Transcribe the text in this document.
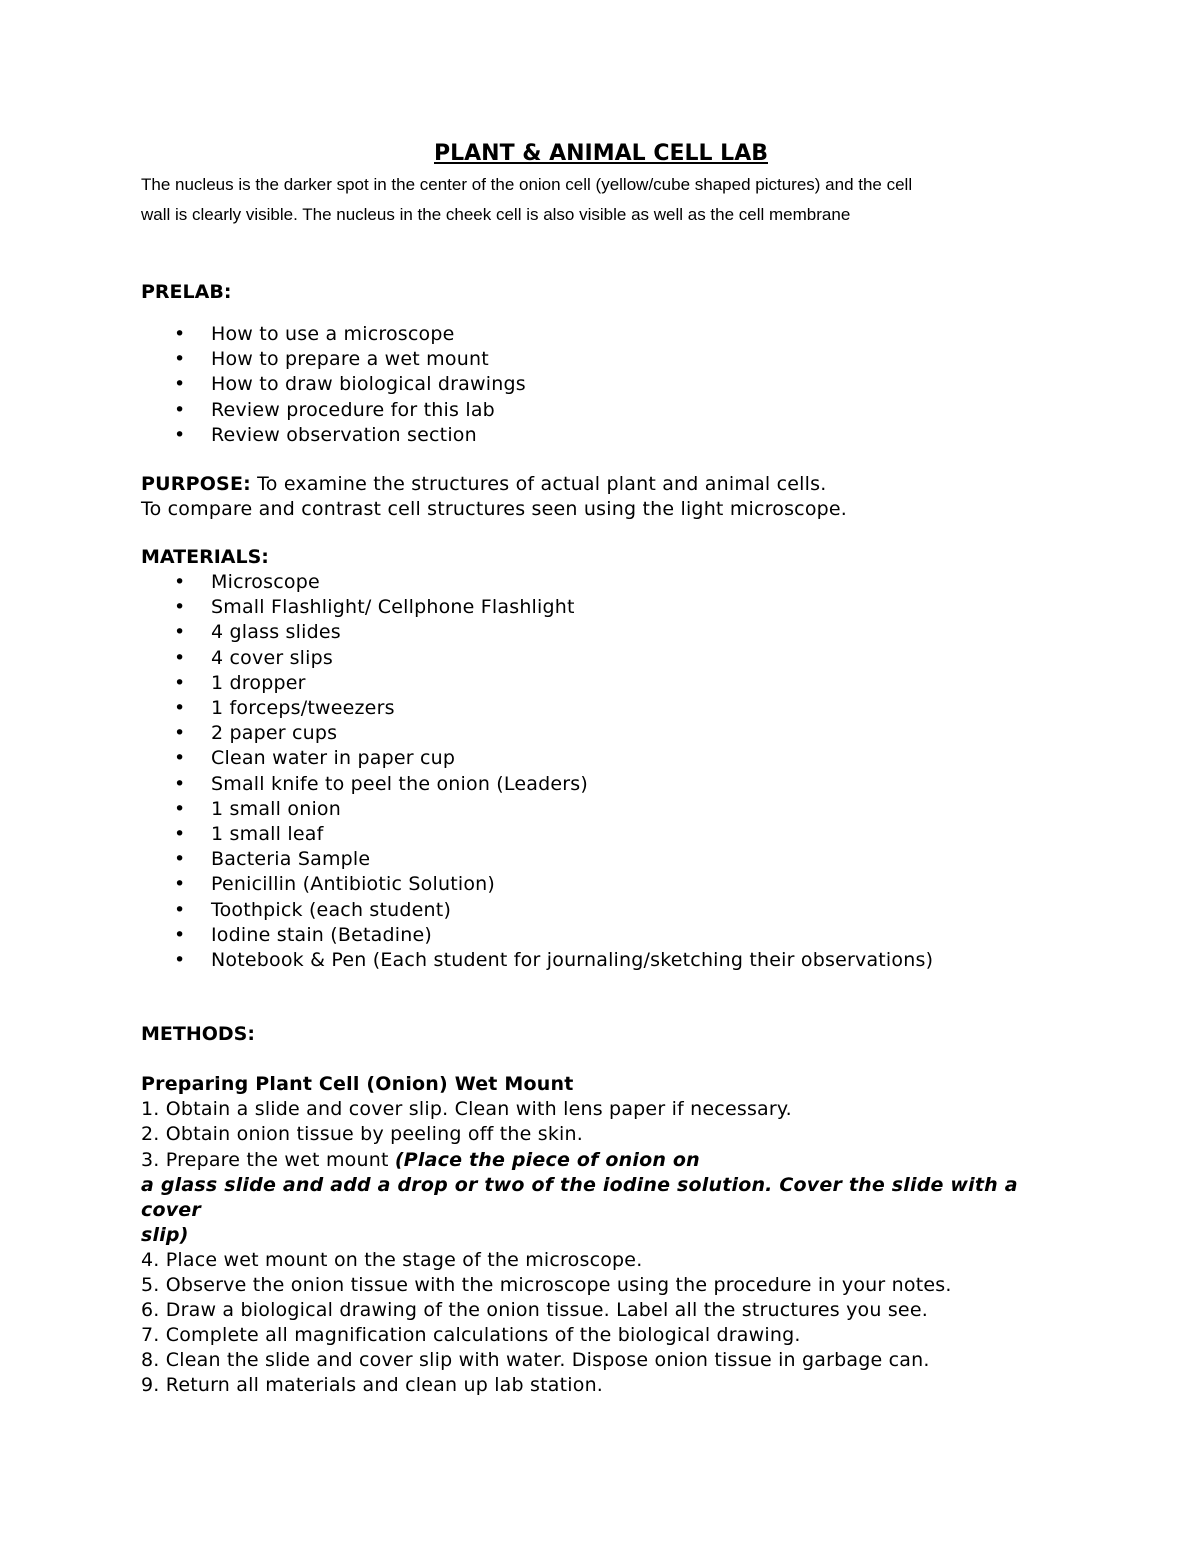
PLANT & ANIMAL CELL LAB

The nucleus is the darker spot in the center of the onion cell (yellow/cube shaped pictures) and the cell
wall is clearly visible. The nucleus in the cheek cell is also visible as well as the cell membrane

PRELAB:

• How to use a microscope
• How to prepare a wet mount
• How to draw biological drawings
• Review procedure for this lab
• Review observation section

PURPOSE: To examine the structures of actual plant and animal cells.

To compare and contrast cell structures seen using the light microscope.

MATERIALS:

• Microscope
• Small Flashlight/ Cellphone Flashlight
• 4 glass slides
• 4 cover slips
• 1 dropper
• 1 forceps/tweezers
• 2 paper cups
• Clean water in paper cup
• Small knife to peel the onion (Leaders)
• 1 small onion
• 1 small leaf
• Bacteria Sample
• Penicillin (Antibiotic Solution)
• Toothpick (each student)
• Iodine stain (Betadine)
• Notebook & Pen (Each student for journaling/sketching their observations)

METHODS:

Preparing Plant Cell (Onion) Wet Mount

1. Obtain a slide and cover slip. Clean with lens paper if necessary.

2. Obtain onion tissue by peeling off the skin.

3. Prepare the wet mount (Place the piece of onion on

a glass slide and add a drop or two of the iodine solution. Cover the slide with a cover

slip)

4. Place wet mount on the stage of the microscope.

5. Observe the onion tissue with the microscope using the procedure in your notes.

6. Draw a biological drawing of the onion tissue. Label all the structures you see.

7. Complete all magnification calculations of the biological drawing.

8. Clean the slide and cover slip with water. Dispose onion tissue in garbage can.

9. Return all materials and clean up lab station.
